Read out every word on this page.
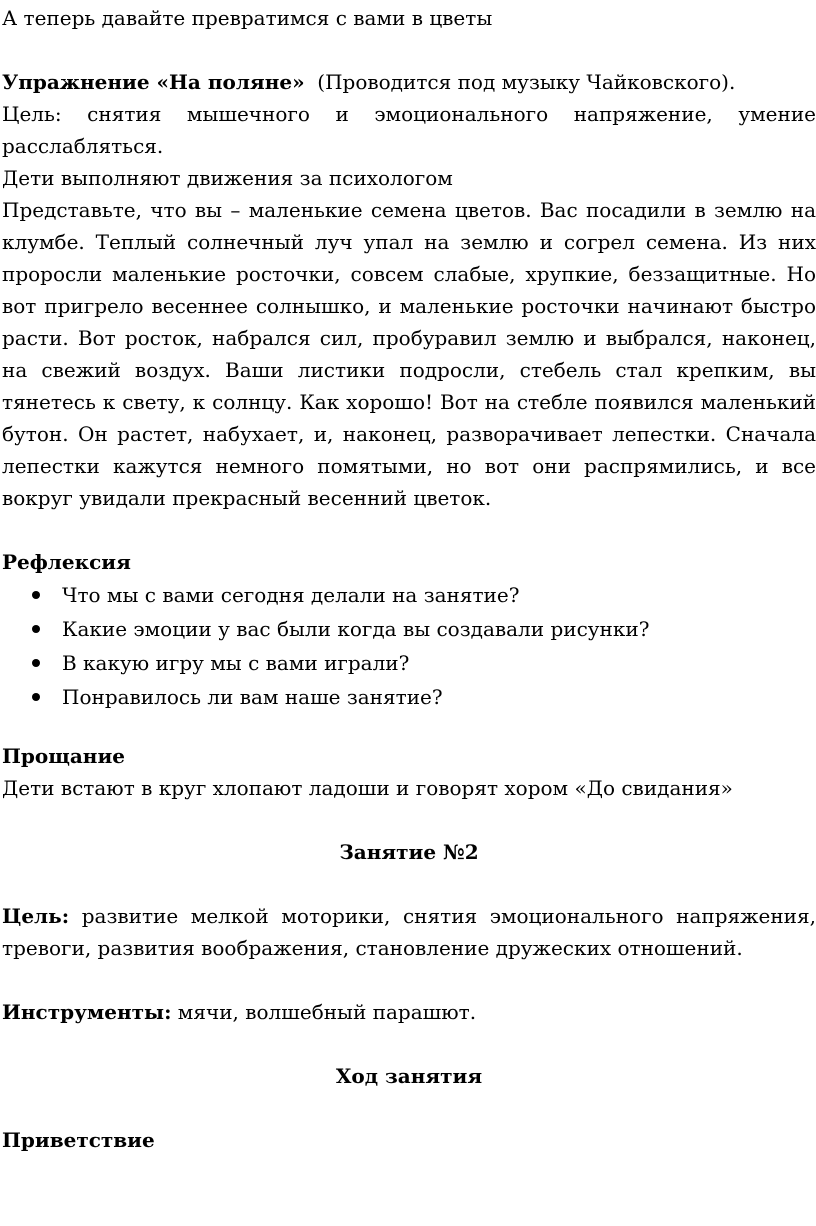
А теперь давайте превратимся с вами в цветы

Упражнение «На поляне» (Проводится под музыку Чайковского).

Цель: снятия мышечного и эмоционального напряжение, умение расслабляться.

Дети выполняют движения за психологом

Представьте, что вы – маленькие семена цветов. Вас посадили в землю на клумбе. Теплый солнечный луч упал на землю и согрел семена. Из них проросли маленькие росточки, совсем слабые, хрупкие, беззащитные. Но вот пригрело весеннее солнышко, и маленькие росточки начинают быстро расти. Вот росток, набрался сил, пробуравил землю и выбрался, наконец, на свежий воздух. Ваши листики подросли, стебель стал крепким, вы тянетесь к свету, к солнцу. Как хорошо! Вот на стебле появился маленький бутон. Он растет, набухает, и, наконец, разворачивает лепестки. Сначала лепестки кажутся немного помятыми, но вот они распрямились, и все вокруг увидали прекрасный весенний цветок.

Рефлексия

Что мы с вами сегодня делали на занятие?
Какие эмоции у вас были когда вы создавали рисунки?
В какую игру мы с вами играли?
Понравилось ли вам наше занятие?

Прощание

Дети встают в круг хлопают ладоши и говорят хором «До свидания»

Занятие №2

Цель: развитие мелкой моторики, снятия эмоционального напряжения, тревоги, развития воображения, становление дружеских отношений.

Инструменты: мячи, волшебный парашют.

Ход занятия

Приветствие
